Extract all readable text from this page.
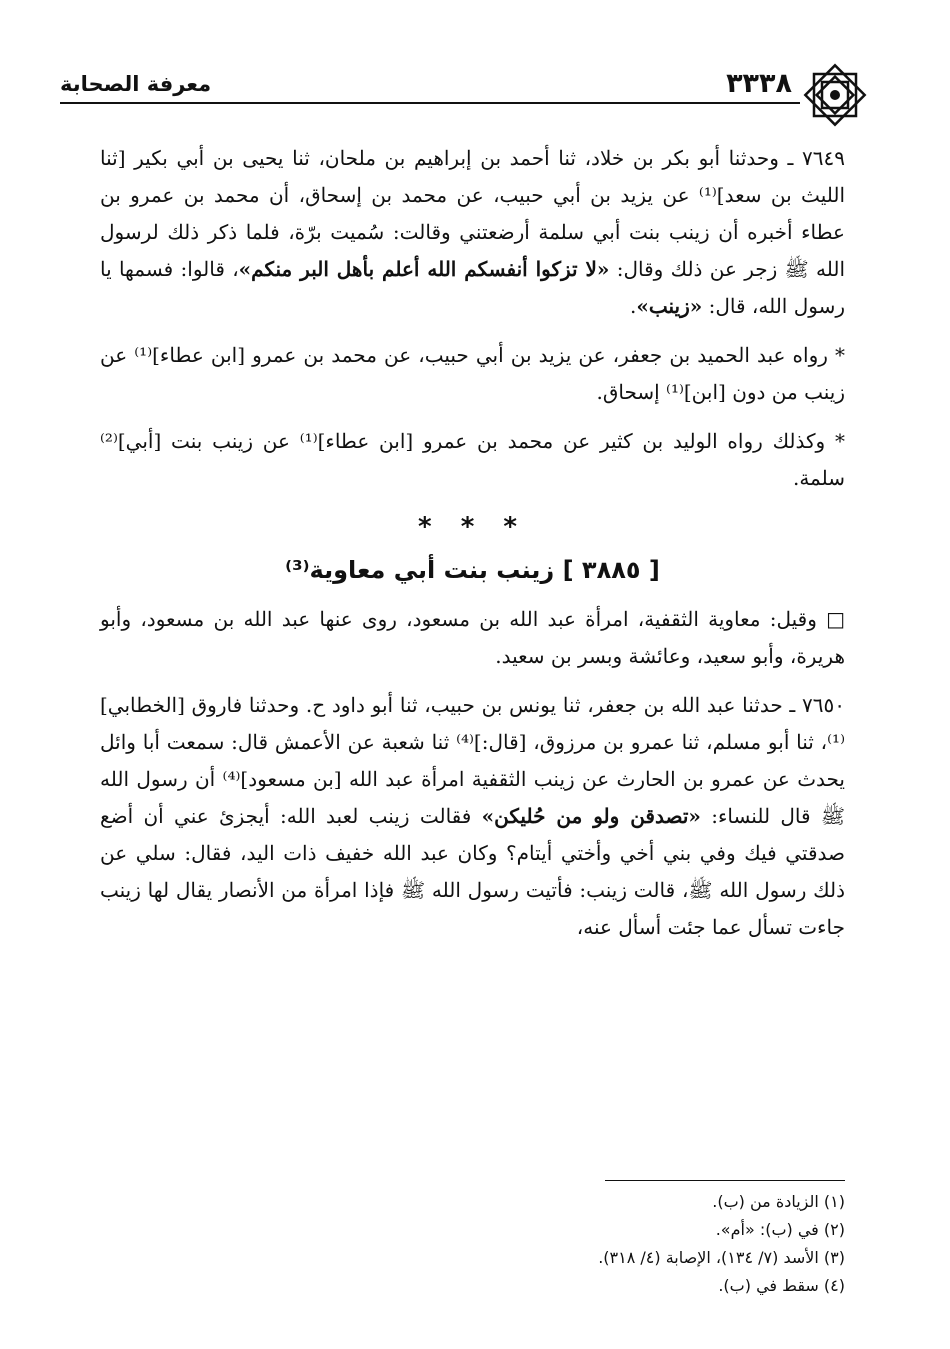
٣٣٣٨
معرفة الصحابة

٧٦٤٩ ـ وحدثنا أبو بكر بن خلاد، ثنا أحمد بن إبراهيم بن ملحان، ثنا يحيى بن أبي بكير [ثنا الليث بن سعد]⁽¹⁾ عن يزيد بن أبي حبيب، عن محمد بن إسحاق، أن محمد بن عمرو بن عطاء أخبره أن زينب بنت أبي سلمة أرضعتني وقالت: سُميت برّة، فلما ذكر ذلك لرسول الله ﷺ زجر عن ذلك وقال: «لا تزكوا أنفسكم الله أعلم بأهل البر منكم»، قالوا: فسمها يا رسول الله، قال: «زينب».

* رواه عبد الحميد بن جعفر، عن يزيد بن أبي حبيب، عن محمد بن عمرو [ابن عطاء]⁽¹⁾ عن زينب من دون [ابن]⁽¹⁾ إسحاق.

* وكذلك رواه الوليد بن كثير عن محمد بن عمرو [ابن عطاء]⁽¹⁾ عن زينب بنت [أبي]⁽²⁾ سلمة.

* * *
[ ٣٨٨٥ ] زينب بنت أبي معاوية⁽³⁾

□ وقيل: معاوية الثقفية، امرأة عبد الله بن مسعود، روى عنها عبد الله بن مسعود، وأبو هريرة، وأبو سعيد، وعائشة وبسر بن سعيد.

٧٦٥٠ ـ حدثنا عبد الله بن جعفر، ثنا يونس بن حبيب، ثنا أبو داود ح. وحدثنا فاروق [الخطابي]⁽¹⁾، ثنا أبو مسلم، ثنا عمرو بن مرزوق، [قال:]⁽⁴⁾ ثنا شعبة عن الأعمش قال: سمعت أبا وائل يحدث عن عمرو بن الحارث عن زينب الثقفية امرأة عبد الله [بن مسعود]⁽⁴⁾ أن رسول الله ﷺ قال للنساء: «تصدقن ولو من حُليكن» فقالت زينب لعبد الله: أيجزئ عني أن أضع صدقتي فيك وفي بني أخي وأختي أيتام؟ وكان عبد الله خفيف ذات اليد، فقال: سلي عن ذلك رسول الله ﷺ، قالت زينب: فأتيت رسول الله ﷺ فإذا امرأة من الأنصار يقال لها زينب جاءت تسأل عما جئت أسأل عنه،

(١) الزيادة من (ب).
(٢) في (ب): «أم».
(٣) الأسد (٧/ ١٣٤)، الإصابة (٤/ ٣١٨).
(٤) سقط في (ب).
